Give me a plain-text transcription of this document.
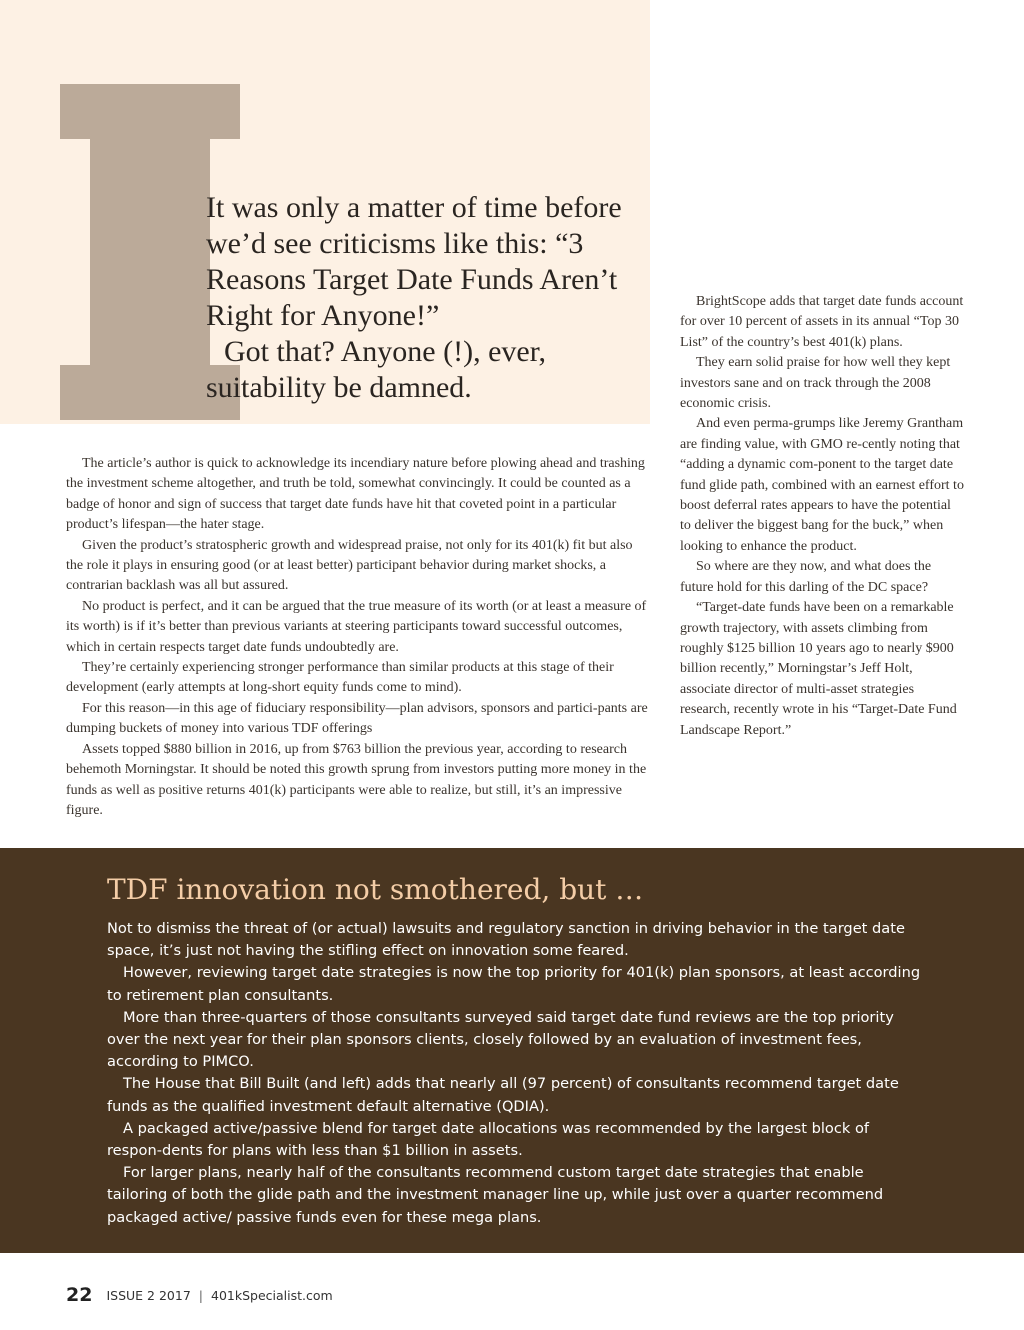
It was only a matter of time before we’d see criticisms like this: “3 Reasons Target Date Funds Aren’t Right for Anyone!”

Got that? Anyone (!), ever, suitability be damned.

The article’s author is quick to acknowledge its incendiary nature before plowing ahead and trashing the investment scheme altogether, and truth be told, somewhat convincingly. It could be counted as a badge of honor and sign of success that target date funds have hit that coveted point in a particular product’s lifespan—the hater stage.

Given the product’s stratospheric growth and widespread praise, not only for its 401(k) fit but also the role it plays in ensuring good (or at least better) participant behavior during market shocks, a contrarian backlash was all but assured.

No product is perfect, and it can be argued that the true measure of its worth (or at least a measure of its worth) is if it’s better than previous variants at steering participants toward successful outcomes, which in certain respects target date funds undoubtedly are.

They’re certainly experiencing stronger performance than similar products at this stage of their development (early attempts at long-short equity funds come to mind).

For this reason—in this age of fiduciary responsibility—plan advisors, sponsors and partici-pants are dumping buckets of money into various TDF offerings

Assets topped $880 billion in 2016, up from $763 billion the previous year, according to research behemoth Morningstar. It should be noted this growth sprung from investors putting more money in the funds as well as positive returns 401(k) participants were able to realize, but still, it’s an impressive figure.

BrightScope adds that target date funds account for over 10 percent of assets in its annual “Top 30 List” of the country’s best 401(k) plans.

They earn solid praise for how well they kept investors sane and on track through the 2008 economic crisis.

And even perma-grumps like Jeremy Grantham are finding value, with GMO re-cently noting that “adding a dynamic com-ponent to the target date fund glide path, combined with an earnest effort to boost deferral rates appears to have the potential to deliver the biggest bang for the buck,” when looking to enhance the product.

So where are they now, and what does the future hold for this darling of the DC space?

“Target-date funds have been on a remarkable growth trajectory, with assets climbing from roughly $125 billion 10 years ago to nearly $900 billion recently,” Morningstar’s Jeff Holt, associate director of multi-asset strategies research, recently wrote in his “Target-Date Fund Landscape Report.”

TDF innovation not smothered, but …

Not to dismiss the threat of (or actual) lawsuits and regulatory sanction in driving behavior in the target date space, it’s just not having the stifling effect on innovation some feared.

However, reviewing target date strategies is now the top priority for 401(k) plan sponsors, at least according to retirement plan consultants.

More than three-quarters of those consultants surveyed said target date fund reviews are the top priority over the next year for their plan sponsors clients, closely followed by an evaluation of investment fees, according to PIMCO.

The House that Bill Built (and left) adds that nearly all (97 percent) of consultants recommend target date funds as the qualified investment default alternative (QDIA).

A packaged active/passive blend for target date allocations was recommended by the largest block of respon-dents for plans with less than $1 billion in assets.

For larger plans, nearly half of the consultants recommend custom target date strategies that enable tailoring of both the glide path and the investment manager line up, while just over a quarter recommend packaged active/ passive funds even for these mega plans.

22 ISSUE 2 2017 | 401kSpecialist.com
